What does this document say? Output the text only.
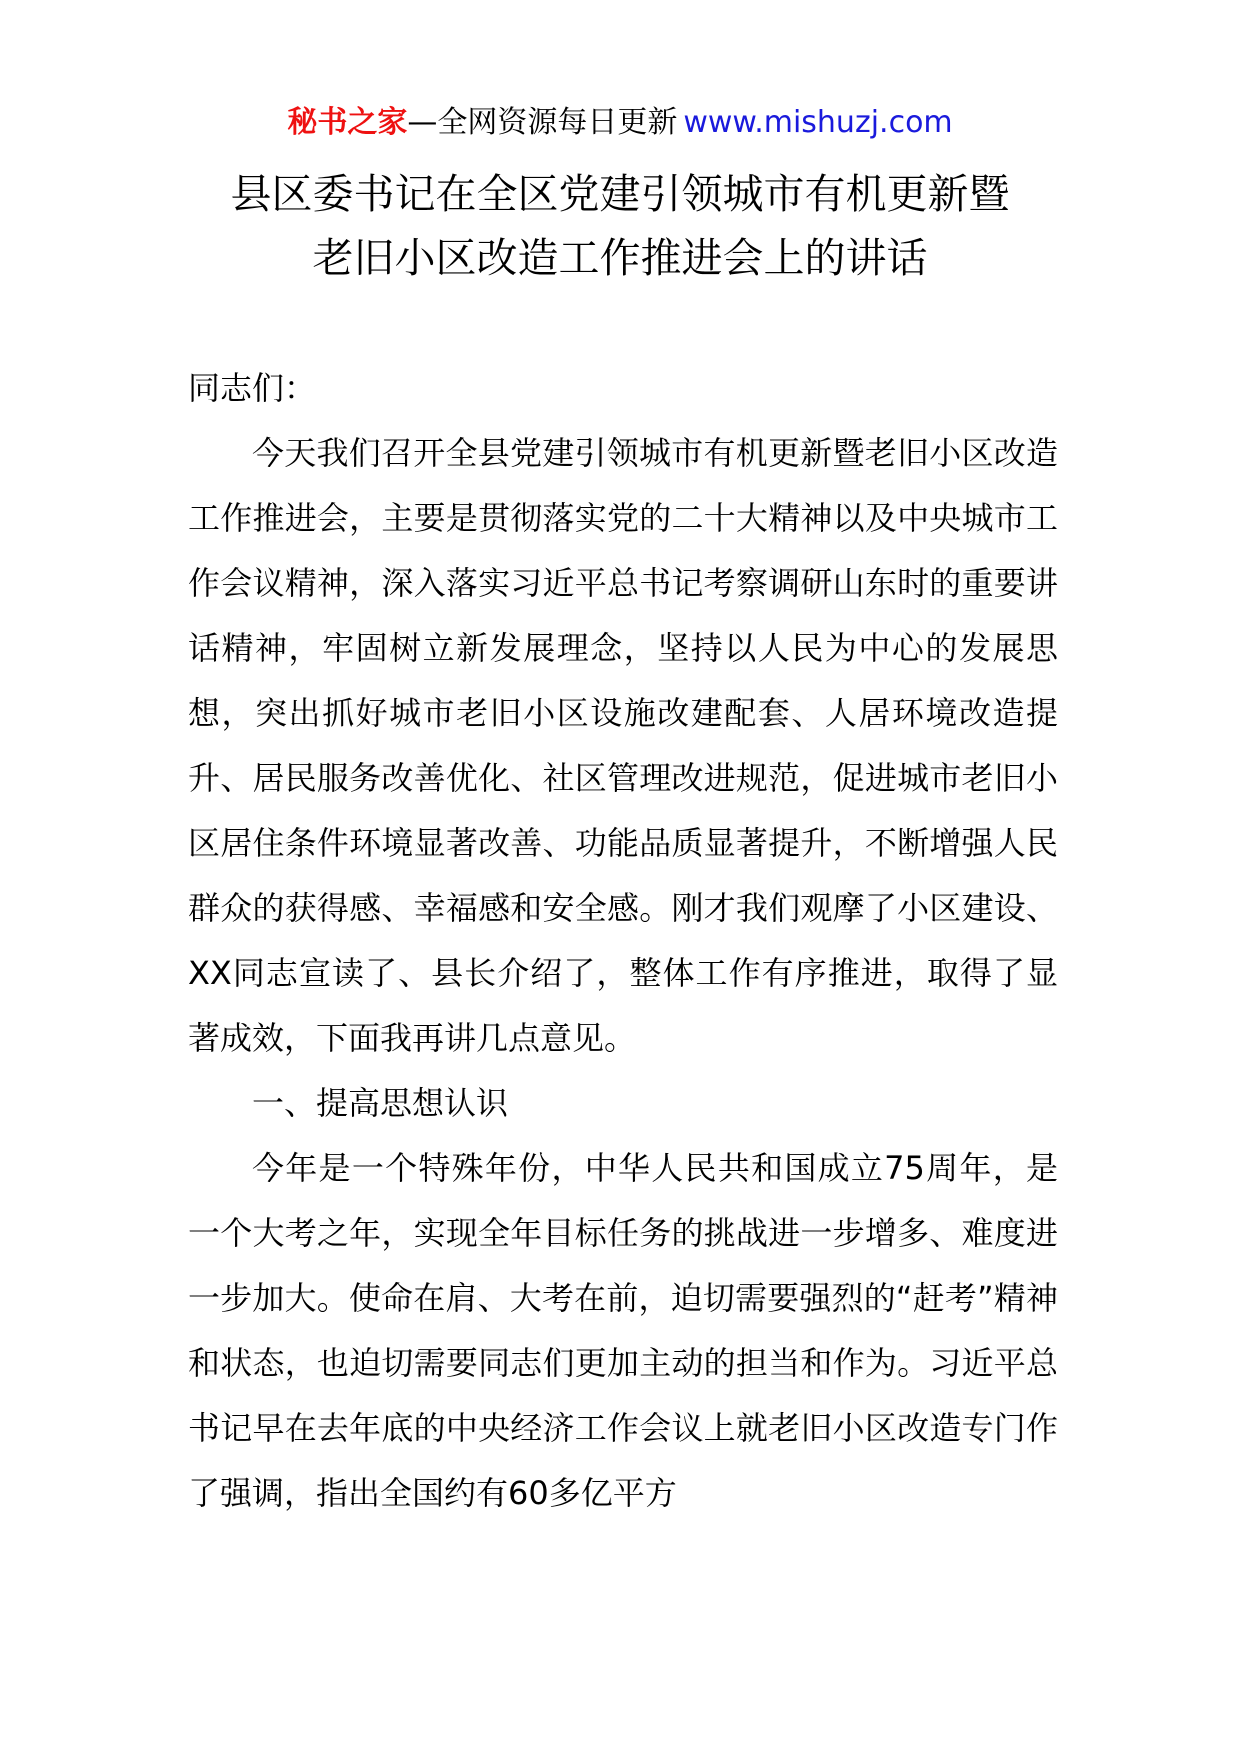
秘书之家—全网资源每日更新 www.mishuzj.com
县区委书记在全区党建引领城市有机更新暨
老旧小区改造工作推进会上的讲话

同志们：

今天我们召开全县党建引领城市有机更新暨老旧小区改造工作推进会，主要是贯彻落实党的二十大精神以及中央城市工作会议精神，深入落实习近平总书记考察调研山东时的重要讲话精神，牢固树立新发展理念，坚持以人民为中心的发展思想，突出抓好城市老旧小区设施改建配套、人居环境改造提升、居民服务改善优化、社区管理改进规范，促进城市老旧小区居住条件环境显著改善、功能品质显著提升，不断增强人民群众的获得感、幸福感和安全感。刚才我们观摩了小区建设、XX同志宣读了、县长介绍了，整体工作有序推进，取得了显著成效，下面我再讲几点意见。

一、提高思想认识

今年是一个特殊年份，中华人民共和国成立75周年，是一个大考之年，实现全年目标任务的挑战进一步增多、难度进一步加大。使命在肩、大考在前，迫切需要强烈的“赶考”精神和状态，也迫切需要同志们更加主动的担当和作为。习近平总书记早在去年底的中央经济工作会议上就老旧小区改造专门作了强调，指出全国约有60多亿平方
